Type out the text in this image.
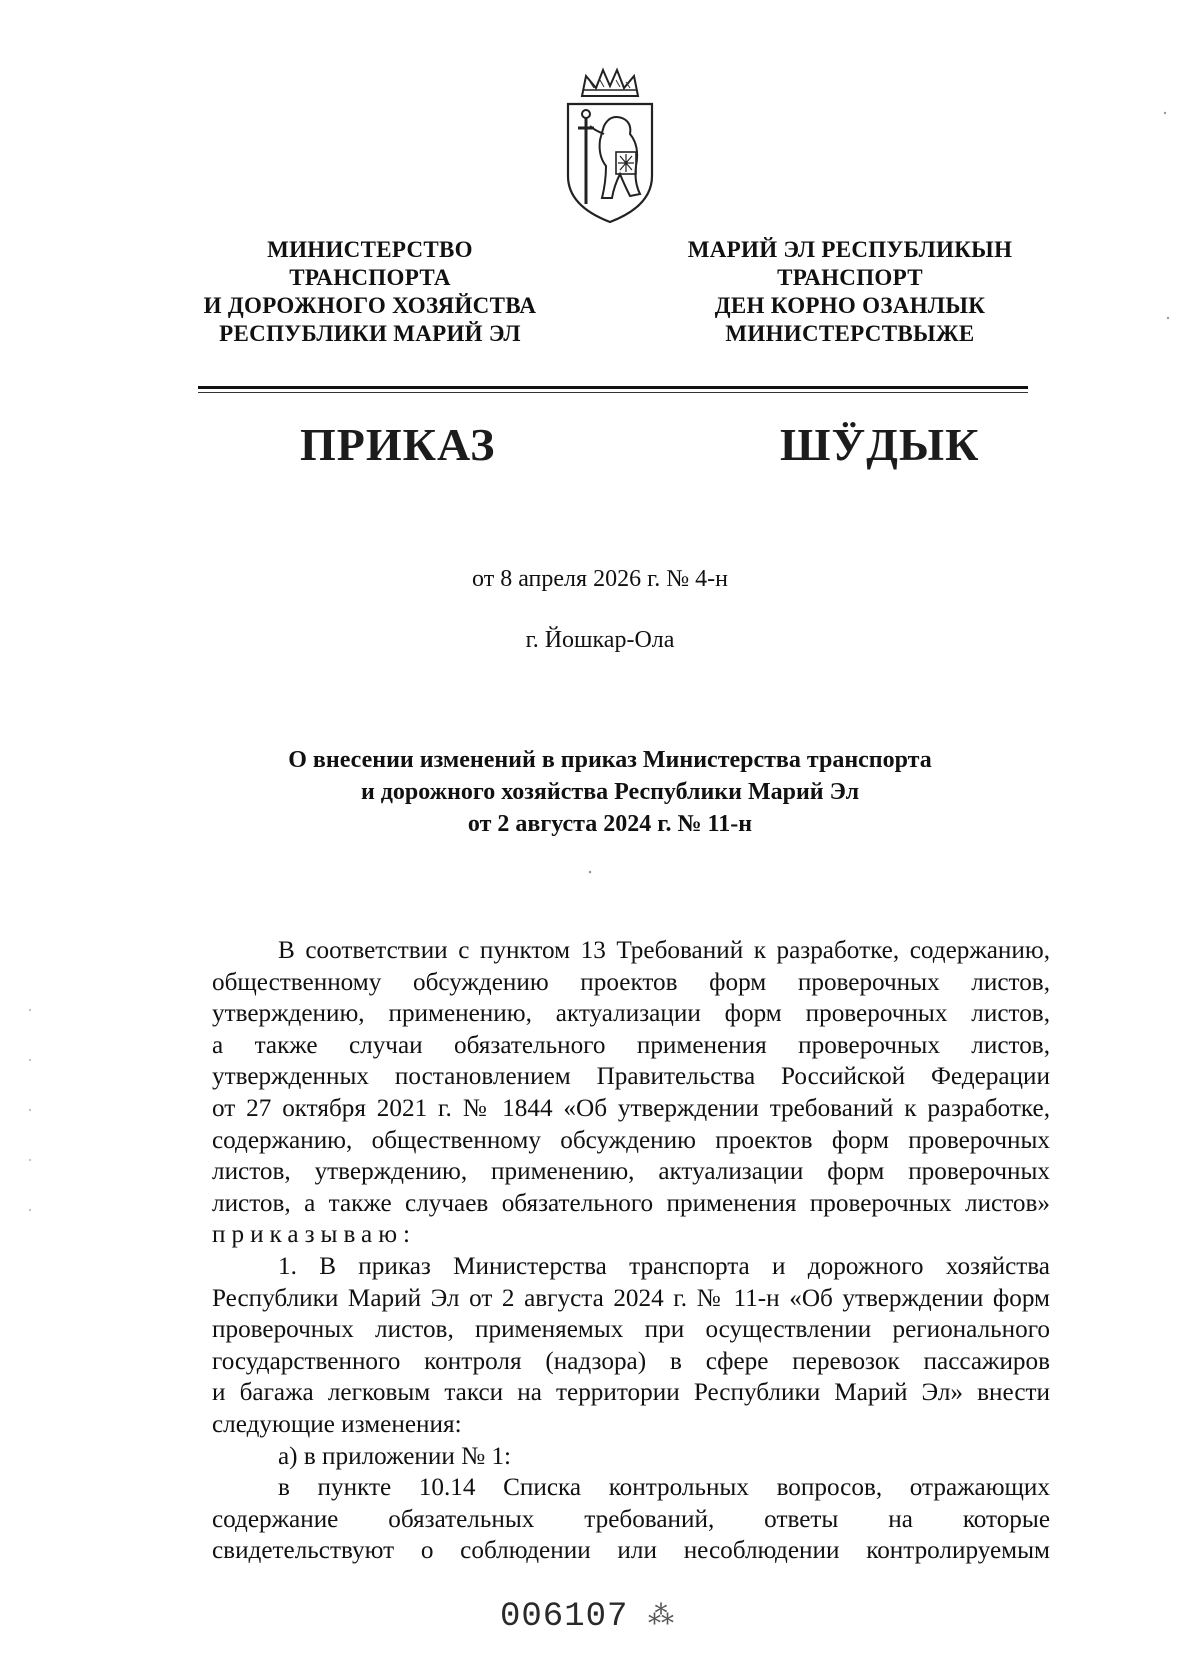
МИНИСТЕРСТВО
ТРАНСПОРТА
И ДОРОЖНОГО ХОЗЯЙСТВА
РЕСПУБЛИКИ МАРИЙ ЭЛ
МАРИЙ ЭЛ РЕСПУБЛИКЫН
ТРАНСПОРТ
ДЕН КОРНО ОЗАНЛЫК
МИНИСТЕРСТВЫЖЕ
ПРИКАЗ	ШӰДЫК
от 8 апреля 2026 г. № 4-н
г. Йошкар-Ола
О внесении изменений в приказ Министерства транспорта
и дорожного хозяйства Республики Марий Эл
от 2 августа 2024 г. № 11-н
В соответствии с пунктом 13 Требований к разработке, содержанию,
общественному обсуждению проектов форм проверочных листов,
утверждению, применению, актуализации форм проверочных листов,
а также случаи обязательного применения проверочных листов,
утвержденных постановлением Правительства Российской Федерации
от 27 октября 2021 г. № 1844 «Об утверждении требований к разработке,
содержанию, общественному обсуждению проектов форм проверочных
листов, утверждению, применению, актуализации форм проверочных
листов, а также случаев обязательного применения проверочных листов»
приказываю:
1. В приказ Министерства транспорта и дорожного хозяйства
Республики Марий Эл от 2 августа 2024 г. № 11-н «Об утверждении форм
проверочных листов, применяемых при осуществлении регионального
государственного контроля (надзора) в сфере перевозок пассажиров
и багажа легковым такси на территории Республики Марий Эл» внести
следующие изменения:
а) в приложении № 1:
в пункте 10.14 Списка контрольных вопросов, отражающих
содержание обязательных требований, ответы на которые
свидетельствуют о соблюдении или несоблюдении контролируемым
006107 ⁂
